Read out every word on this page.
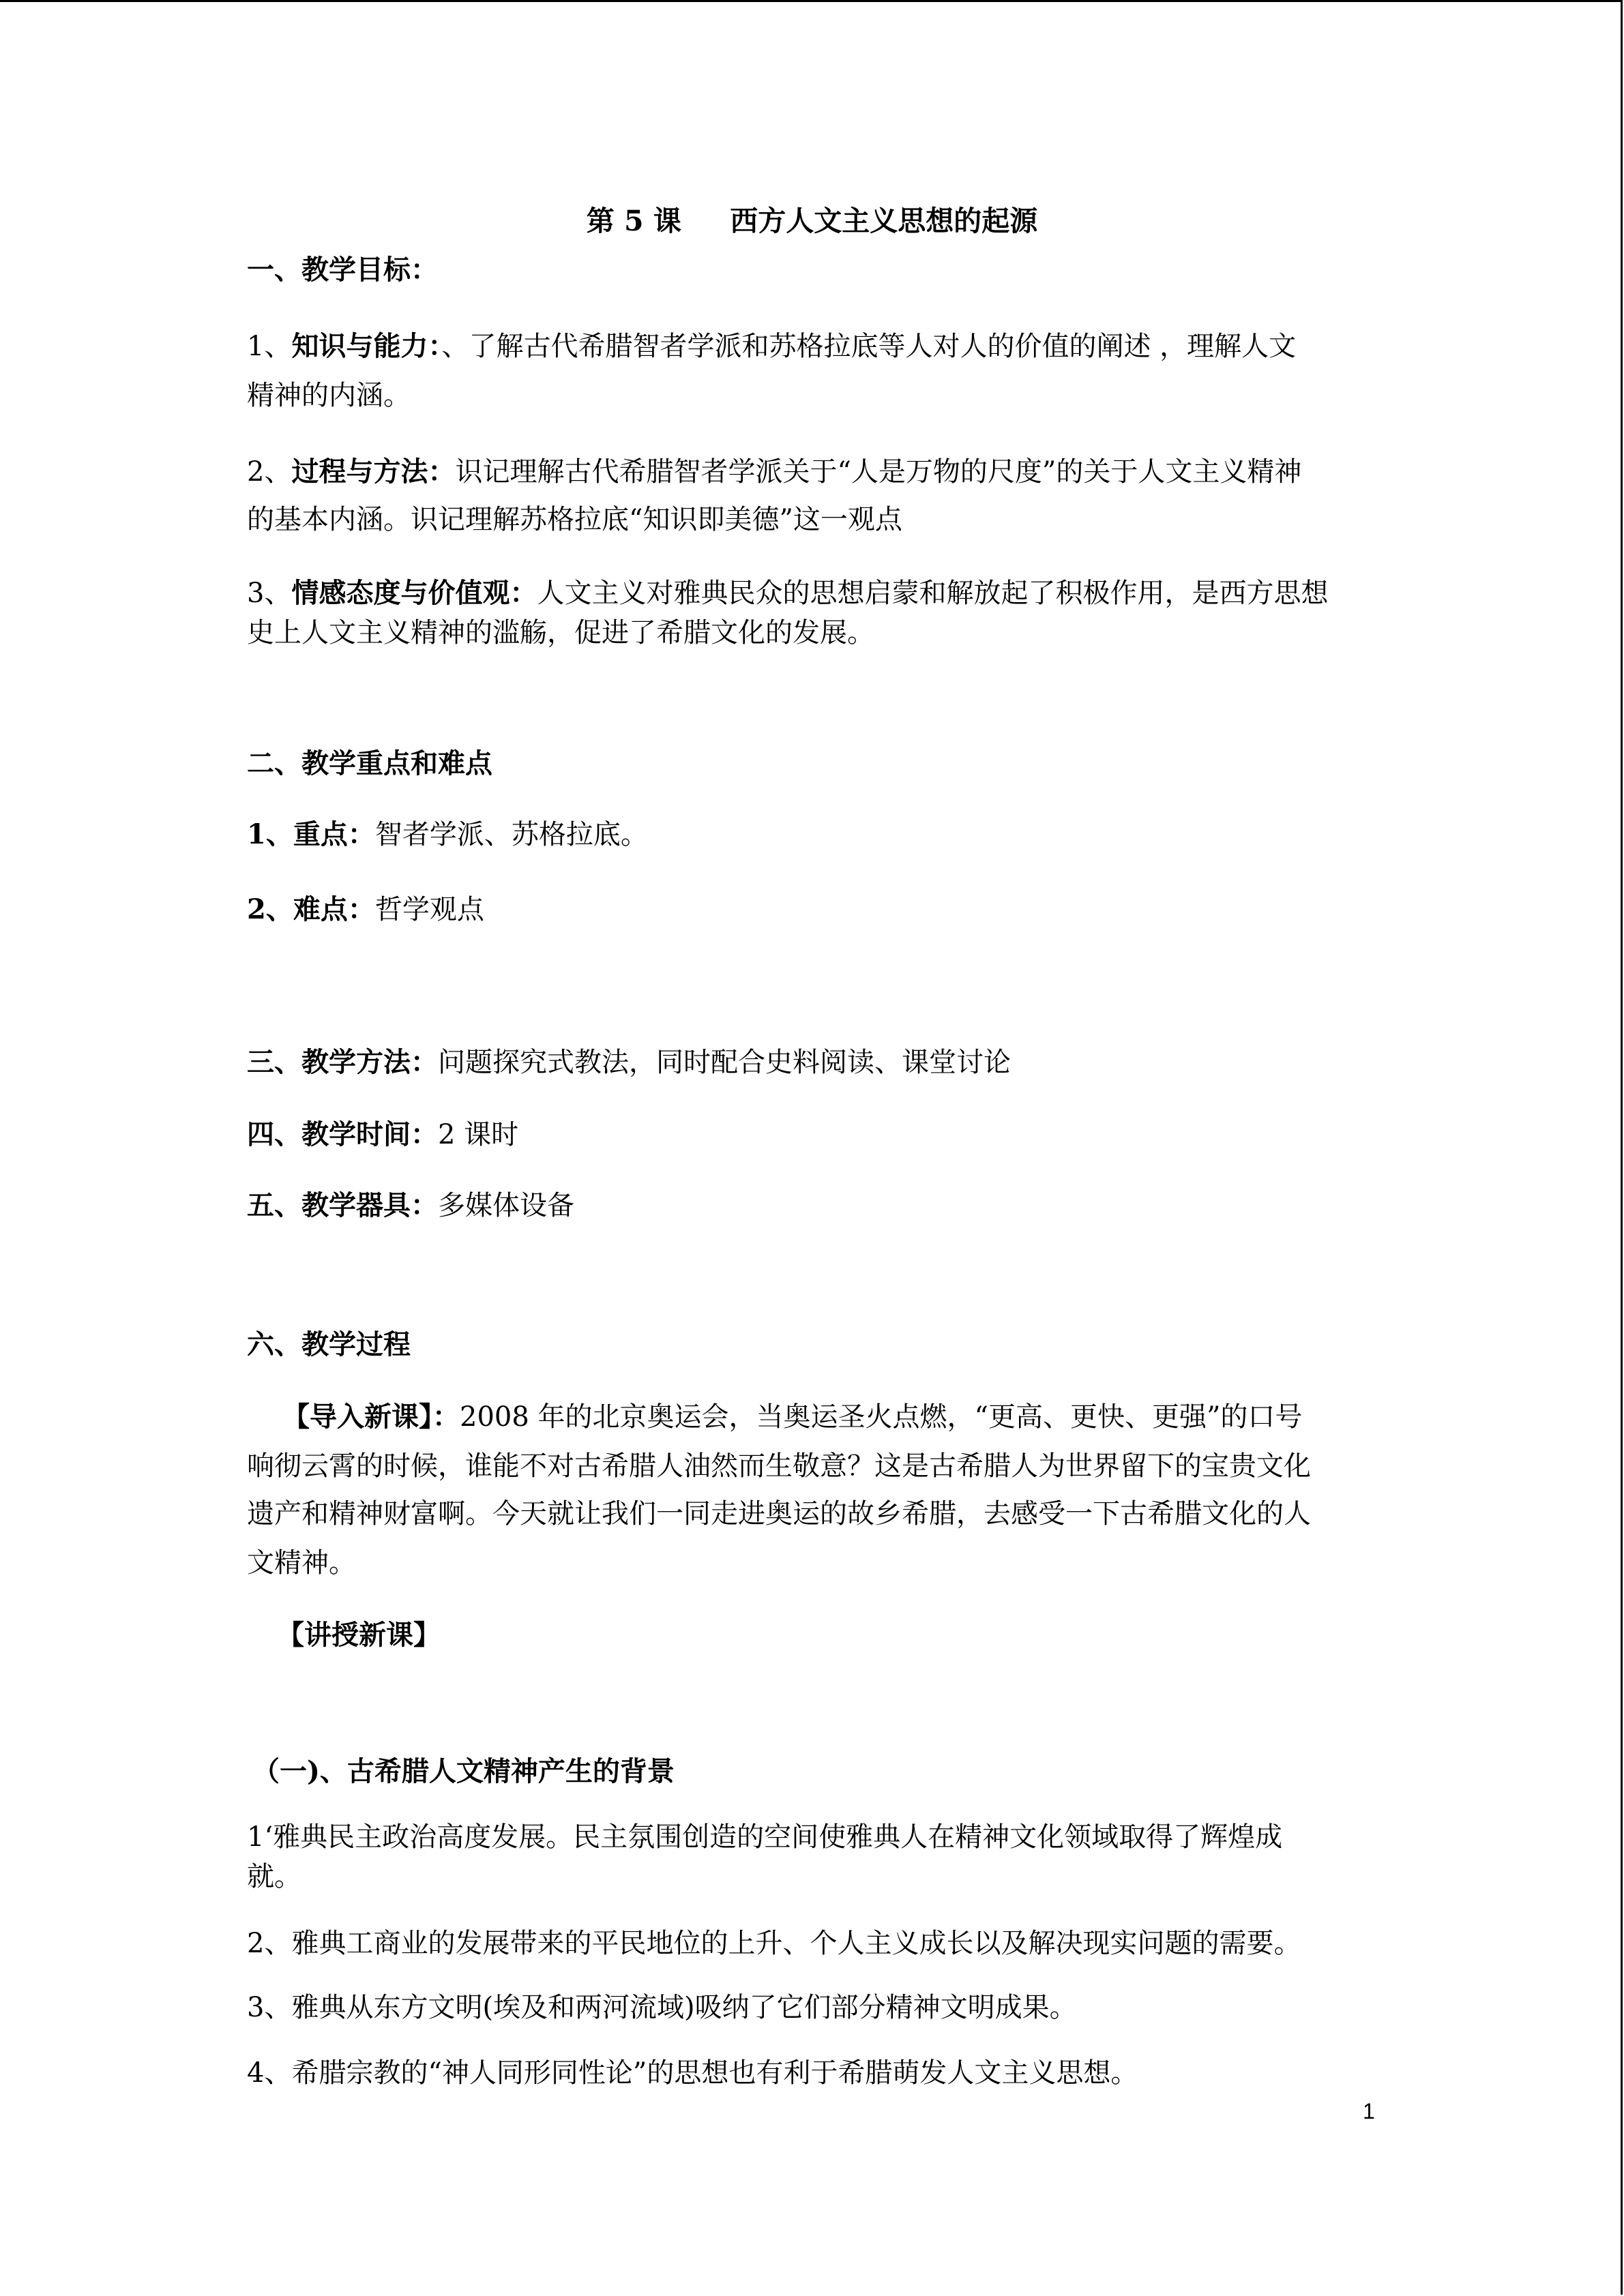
第 5 课     西方人文主义思想的起源
一、教学目标：
1、知识与能力：、了解古代希腊智者学派和苏格拉底等人对人的价值的阐述 ，理解人文
精神的内涵。
2、过程与方法：识记理解古代希腊智者学派关于“人是万物的尺度”的关于人文主义精神
的基本内涵。识记理解苏格拉底“知识即美德”这一观点
3、情感态度与价值观：人文主义对雅典民众的思想启蒙和解放起了积极作用，是西方思想
史上人文主义精神的滥觞，促进了希腊文化的发展。
二、教学重点和难点
1、重点：智者学派、苏格拉底。
2、难点：哲学观点
三、教学方法：问题探究式教法，同时配合史料阅读、课堂讨论
四、教学时间：2 课时
五、教学器具：多媒体设备
六、教学过程
【导入新课】：2008 年的北京奥运会，当奥运圣火点燃，“更高、更快、更强”的口号
响彻云霄的时候，谁能不对古希腊人油然而生敬意？这是古希腊人为世界留下的宝贵文化
遗产和精神财富啊。今天就让我们一同走进奥运的故乡希腊，去感受一下古希腊文化的人
文精神。
【讲授新课】
（一)、古希腊人文精神产生的背景
1‘雅典民主政治高度发展。民主氛围创造的空间使雅典人在精神文化领域取得了辉煌成
就。
2、雅典工商业的发展带来的平民地位的上升、个人主义成长以及解决现实问题的需要。
3、雅典从东方文明(埃及和两河流域)吸纳了它们部分精神文明成果。
4、希腊宗教的“神人同形同性论”的思想也有利于希腊萌发人文主义思想。
1
